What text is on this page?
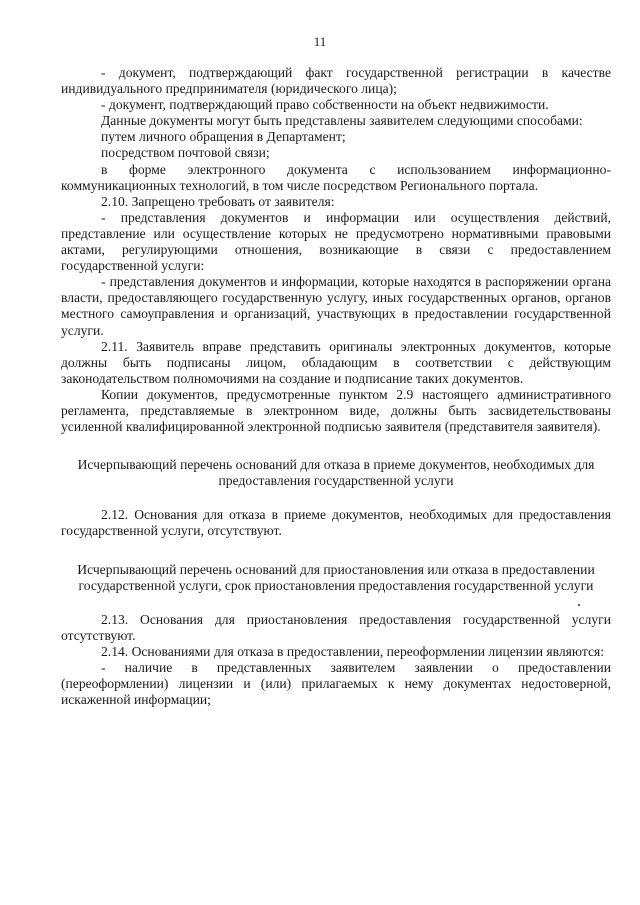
11

- документ, подтверждающий факт государственной регистрации в качестве индивидуального предпринимателя (юридического лица);

- документ, подтверждающий право собственности на объект недвижимости.

Данные документы могут быть представлены заявителем следующими способами:

путем личного обращения в Департамент;

посредством почтовой связи;

в форме электронного документа с использованием информационно-коммуникационных технологий, в том числе посредством Регионального портала.

2.10. Запрещено требовать от заявителя:

- представления документов и информации или осуществления действий, представление или осуществление которых не предусмотрено нормативными правовыми актами, регулирующими отношения, возникающие в связи с предоставлением государственной услуги:

- представления документов и информации, которые находятся в распоряжении органа власти, предоставляющего государственную услугу, иных государственных органов, органов местного самоуправления и организаций, участвующих в предоставлении государственной услуги.

2.11. Заявитель вправе представить оригиналы электронных документов, которые должны быть подписаны лицом, обладающим в соответствии с действующим законодательством полномочиями на создание и подписание таких документов.

Копии документов, предусмотренные пунктом 2.9 настоящего административного регламента, представляемые в электронном виде, должны быть засвидетельствованы усиленной квалифицированной электронной подписью заявителя (представителя заявителя).

Исчерпывающий перечень оснований для отказа в приеме документов, необходимых для предоставления государственной услуги

2.12. Основания для отказа в приеме документов, необходимых для предоставления государственной услуги, отсутствуют.

Исчерпывающий перечень оснований для приостановления или отказа в предоставлении государственной услуги, срок приостановления предоставления государственной услуги

2.13. Основания для приостановления предоставления государственной услуги отсутствуют.

2.14. Основаниями для отказа в предоставлении, переоформлении лицензии являются:

- наличие в представленных заявителем заявлении о предоставлении (переоформлении) лицензии и (или) прилагаемых к нему документах недостоверной, искаженной информации;
